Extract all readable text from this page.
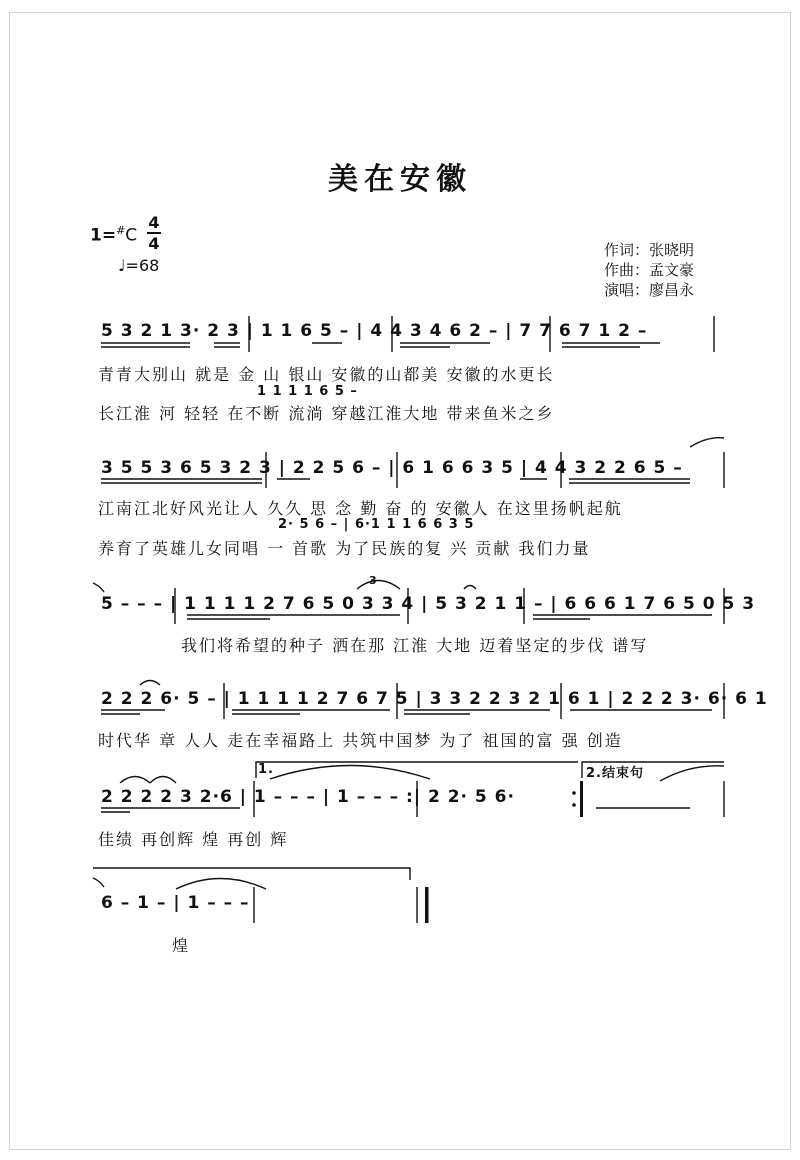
美在安徽
1=#C
4
4
♩=68
作词：张晓明
作曲：孟文豪
演唱：廖昌永
5 3 2 1 3· 2 3 | 1 1 6 5 – | 4 4 3 4 6 2 – | 7 7 6 7 1 2 –
1 1 1 1 6 5 –
青青大别山 就是 金 山 银山 安徽的山都美 安徽的水更长
长江淮 河 轻轻 在不断 流淌 穿越江淮大地 带来鱼米之乡
3 5 5 3 6 5 3 2 3 | 2 2 5 6 – | 6 1 6 6 3 5 | 4 4 3 2 2 6 5 –
2· 5 6 – | 6·1 1 1 6 6 3 5
江南江北好风光让人 久久 思 念 勤 奋 的 安徽人 在这里扬帆起航
养育了英雄儿女同唱 一 首歌 为了民族的复 兴 贡献 我们力量
5 – – – | 1 1 1 1 2 7 6 5 0 3 3 4 | 5 3 2 1 1 – | 6 6 6 1 7 6 5 0 5 3
3
我们将希望的种子 洒在那 江淮 大地 迈着坚定的步伐 谱写
2 2 2 6· 5 – | 1 1 1 1 2 7 6 7 5 | 3 3 2 2 3 2 1 6 1 | 2 2 2 3· 6· 6 1
时代华 章 人人 走在幸福路上 共筑中国梦 为了 祖国的富 强 创造
1.	2.结束句
2 2 2 2 3 2·6 | 1 – – – | 1 – – – :| 2 2· 5 6·
佳绩 再创辉 煌 再创 辉
6 – 1 – | 1 – – –
煌
